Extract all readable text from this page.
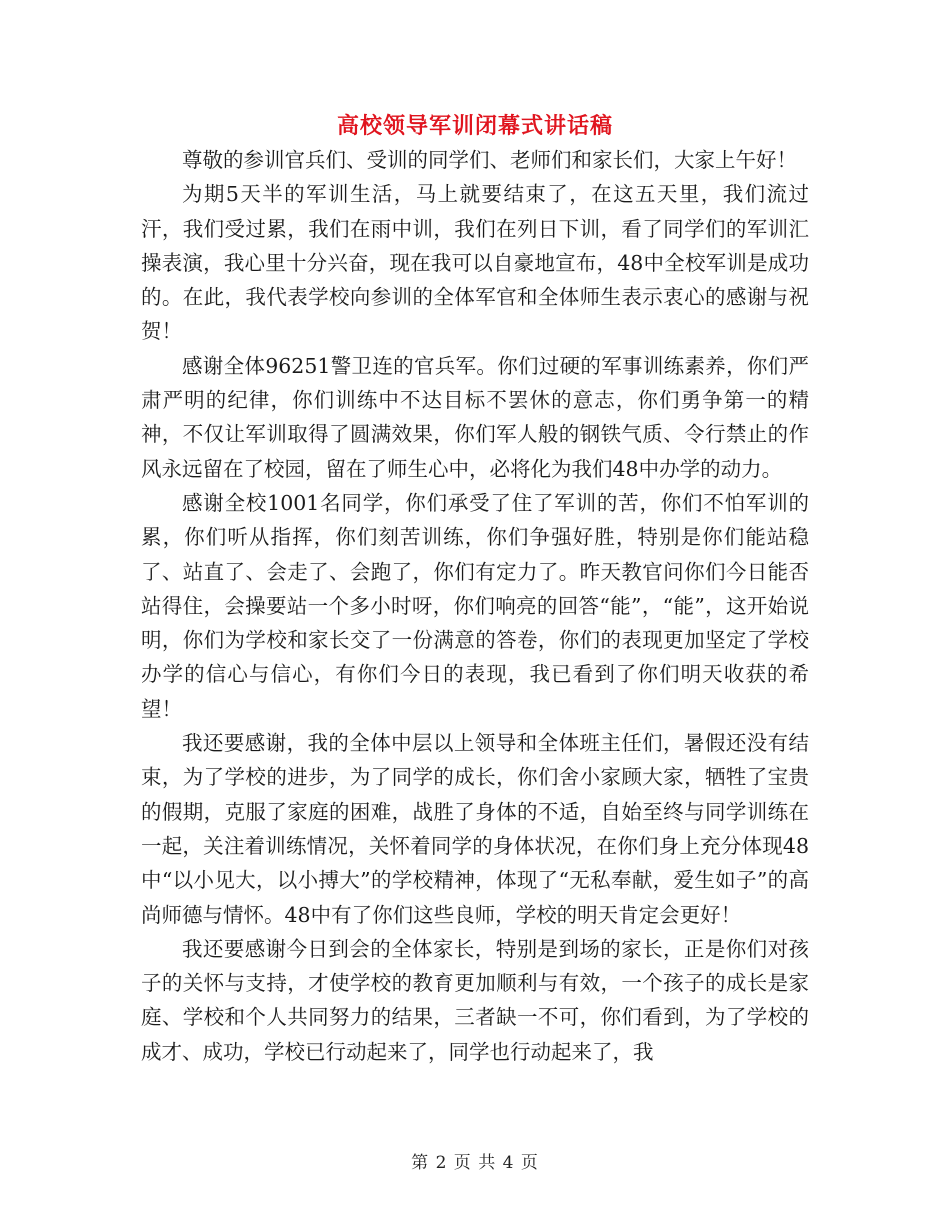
高校领导军训闭幕式讲话稿

尊敬的参训官兵们、受训的同学们、老师们和家长们，大家上午好！

为期5天半的军训生活，马上就要结束了，在这五天里，我们流过汗，我们受过累，我们在雨中训，我们在列日下训，看了同学们的军训汇操表演，我心里十分兴奋，现在我可以自豪地宣布，48中全校军训是成功的。在此，我代表学校向参训的全体军官和全体师生表示衷心的感谢与祝贺！

感谢全体96251警卫连的官兵军。你们过硬的军事训练素养，你们严肃严明的纪律，你们训练中不达目标不罢休的意志，你们勇争第一的精神，不仅让军训取得了圆满效果，你们军人般的钢铁气质、令行禁止的作风永远留在了校园，留在了师生心中，必将化为我们48中办学的动力。

感谢全校1001名同学，你们承受了住了军训的苦，你们不怕军训的累，你们听从指挥，你们刻苦训练，你们争强好胜，特别是你们能站稳了、站直了、会走了、会跑了，你们有定力了。昨天教官问你们今日能否站得住，会操要站一个多小时呀，你们响亮的回答“能”，“能”，这开始说明，你们为学校和家长交了一份满意的答卷，你们的表现更加坚定了学校办学的信心与信心，有你们今日的表现，我已看到了你们明天收获的希望！

我还要感谢，我的全体中层以上领导和全体班主任们，暑假还没有结束，为了学校的进步，为了同学的成长，你们舍小家顾大家，牺牲了宝贵的假期，克服了家庭的困难，战胜了身体的不适，自始至终与同学训练在一起，关注着训练情况，关怀着同学的身体状况，在你们身上充分体现48中“以小见大，以小搏大”的学校精神，体现了“无私奉献，爱生如子”的高尚师德与情怀。48中有了你们这些良师，学校的明天肯定会更好！

我还要感谢今日到会的全体家长，特别是到场的家长，正是你们对孩子的关怀与支持，才使学校的教育更加顺利与有效，一个孩子的成长是家庭、学校和个人共同努力的结果，三者缺一不可，你们看到，为了学校的成才、成功，学校已行动起来了，同学也行动起来了，我

第 2 页 共 4 页
